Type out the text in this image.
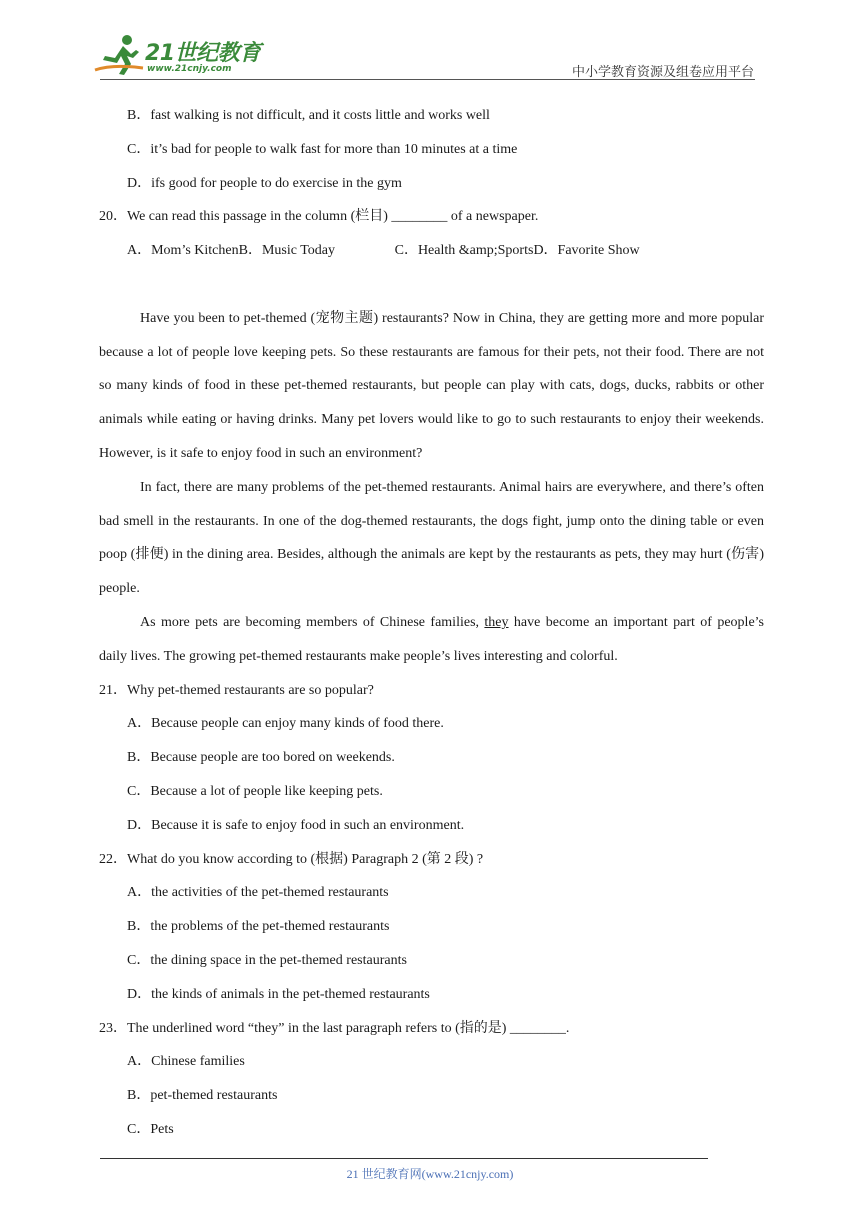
21世纪教育
www.21cnjy.com	中小学教育资源及组卷应用平台
B．fast walking is not difficult, and it costs little and works well
C．it’s bad for people to walk fast for more than 10 minutes at a time
D．ifs good for people to do exercise in the gym
20．We can read this passage in the column (栏目) ________ of a newspaper.
A．Mom’s Kitchen B．Music Today	C．Health &amp;Sports D．Favorite Show

Have you been to pet-themed (宠物主题) restaurants? Now in China, they are getting more and more popular because a lot of people love keeping pets. So these restaurants are famous for their pets, not their food. There are not so many kinds of food in these pet-themed restaurants, but people can play with cats, dogs, ducks, rabbits or other animals while eating or having drinks. Many pet lovers would like to go to such restaurants to enjoy their weekends. However, is it safe to enjoy food in such an environment?

In fact, there are many problems of the pet-themed restaurants. Animal hairs are everywhere, and there’s often bad smell in the restaurants. In one of the dog-themed restaurants, the dogs fight, jump onto the dining table or even poop (排便) in the dining area. Besides, although the animals are kept by the restaurants as pets, they may hurt (伤害) people.

As more pets are becoming members of Chinese families, they have become an important part of people’s daily lives. The growing pet-themed restaurants make people’s lives interesting and colorful.

21．Why pet-themed restaurants are so popular?
A．Because people can enjoy many kinds of food there.
B．Because people are too bored on weekends.
C．Because a lot of people like keeping pets.
D．Because it is safe to enjoy food in such an environment.
22．What do you know according to (根据) Paragraph 2 (第 2 段) ?
A．the activities of the pet-themed restaurants
B．the problems of the pet-themed restaurants
C．the dining space in the pet-themed restaurants
D．the kinds of animals in the pet-themed restaurants
23．The underlined word “they” in the last paragraph refers to (指的是) ________.
A．Chinese families
B．pet-themed restaurants
C．Pets
21 世纪教育网(www.21cnjy.com)
